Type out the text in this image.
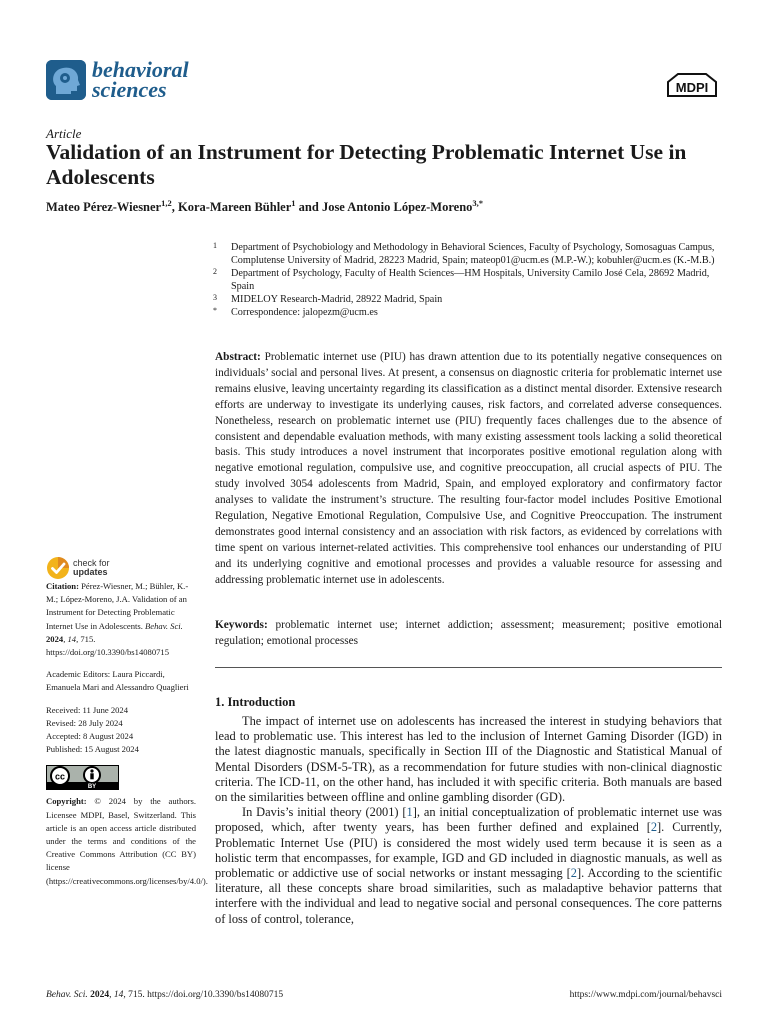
behavioral
sciences	MDPI
Article
Validation of an Instrument for Detecting Problematic Internet Use in Adolescents
Mateo Pérez-Wiesner$^{1,2}$, Kora-Mareen Bühler$^1$ and Jose Antonio López-Moreno$^{3,*}$
1 Department of Psychobiology and Methodology in Behavioral Sciences, Faculty of Psychology, Somosaguas Campus, Complutense University of Madrid, 28223 Madrid, Spain; mateop01@ucm.es (M.P.-W.); kobuhler@ucm.es (K.-M.B.)
2 Department of Psychology, Faculty of Health Sciences—HM Hospitals, University Camilo José Cela, 28692 Madrid, Spain
3 MIDELOY Research-Madrid, 28922 Madrid, Spain
* Correspondence: jalopezm@ucm.es
Abstract: Problematic internet use (PIU) has drawn attention due to its potentially negative consequences on individuals’ social and personal lives. At present, a consensus on diagnostic criteria for problematic internet use remains elusive, leaving uncertainty regarding its classification as a distinct mental disorder. Extensive research efforts are underway to investigate its underlying causes, risk factors, and correlated adverse consequences. Nonetheless, research on problematic internet use (PIU) frequently faces challenges due to the absence of consistent and dependable evaluation methods, with many existing assessment tools lacking a solid theoretical basis. This study introduces a novel instrument that incorporates positive emotional regulation along with negative emotional regulation, compulsive use, and cognitive preoccupation, all crucial aspects of PIU. The study involved 3054 adolescents from Madrid, Spain, and employed exploratory and confirmatory factor analyses to validate the instrument’s structure. The resulting four-factor model includes Positive Emotional Regulation, Negative Emotional Regulation, Compulsive Use, and Cognitive Preoccupation. The instrument demonstrates good internal consistency and an association with risk factors, as evidenced by correlations with time spent on various internet-related activities. This comprehensive tool enhances our understanding of PIU and its underlying cognitive and emotional processes and provides a valuable resource for assessing and addressing problematic internet use in adolescents.
Keywords: problematic internet use; internet addiction; assessment; measurement; positive emotional regulation; emotional processes
1. Introduction

The impact of internet use on adolescents has increased the interest in studying behaviors that lead to problematic use. This interest has led to the inclusion of Internet Gaming Disorder (IGD) in the latest diagnostic manuals, specifically in Section III of the Diagnostic and Statistical Manual of Mental Disorders (DSM-5-TR), as a recommendation for future studies with non-clinical diagnostic criteria. The ICD-11, on the other hand, has included it with specific criteria. Both manuals are based on the similarities between offline and online gambling disorder (GD).

In Davis’s initial theory (2001) [1], an initial conceptualization of problematic internet use was proposed, which, after twenty years, has been further defined and explained [2]. Currently, Problematic Internet Use (PIU) is considered the most widely used term because it is seen as a holistic term that encompasses, for example, IGD and GD included in diagnostic manuals, as well as problematic or addictive use of social networks or instant messaging [2]. According to the scientific literature, all these concepts share broad similarities, such as maladaptive behavior patterns that interfere with the individual and lead to negative social and personal consequences. The core patterns of loss of control, tolerance,

check for
updates
Citation: Pérez-Wiesner, M.; Bühler, K.-M.; López-Moreno, J.A. Validation of an Instrument for Detecting Problematic Internet Use in Adolescents. Behav. Sci. 2024, 14, 715. https://doi.org/10.3390/bs14080715
Academic Editors: Laura Piccardi, Emanuela Mari and Alessandro Quaglieri
Received: 11 June 2024
Revised: 28 July 2024
Accepted: 8 August 2024
Published: 15 August 2024
cc
BY
Copyright: © 2024 by the authors. Licensee MDPI, Basel, Switzerland. This article is an open access article distributed under the terms and conditions of the Creative Commons Attribution (CC BY) license (https://creativecommons.org/licenses/by/4.0/).
Behav. Sci. 2024, 14, 715. https://doi.org/10.3390/bs14080715	https://www.mdpi.com/journal/behavsci
